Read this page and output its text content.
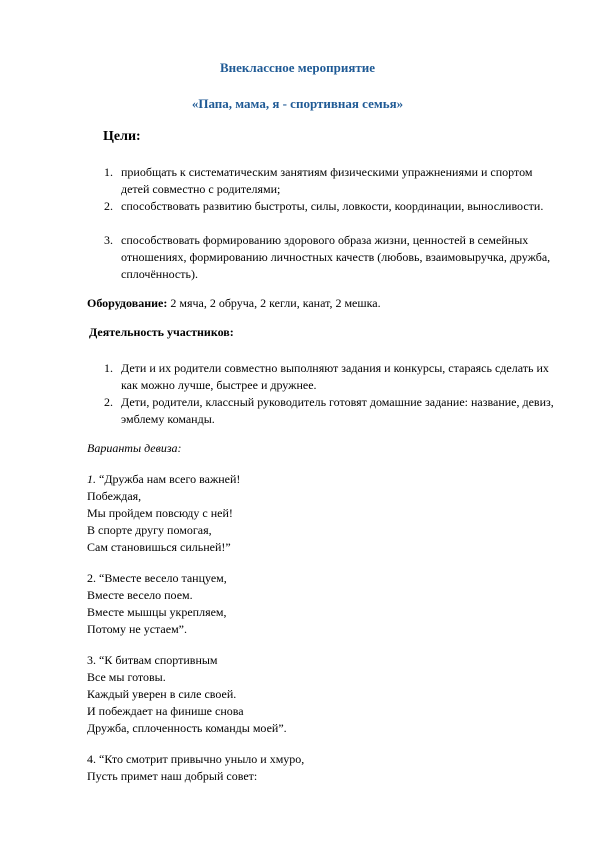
Внеклассное мероприятие
«Папа, мама, я - спортивная семья»
Цели:
1. приобщать к систематическим занятиям физическими упражнениями и спортом детей совместно с родителями;
2. способствовать развитию быстроты, силы, ловкости, координации, выносливости.
3. способствовать формированию здорового образа жизни, ценностей в семейных отношениях, формированию личностных качеств (любовь, взаимовыручка, дружба, сплочённость).
Оборудование: 2 мяча, 2 обруча, 2 кегли, канат, 2 мешка.
Деятельность участников:
1. Дети и их родители совместно выполняют задания и конкурсы, стараясь сделать их как можно лучше, быстрее и дружнее.
2. Дети, родители, классный руководитель готовят домашние задание: название, девиз, эмблему команды.
Варианты девиза:
1. “Дружба нам всего важней!
Побеждая,
Мы пройдем повсюду с ней!
В спорте другу помогая,
Сам становишься сильней!”
2. “Вместе весело танцуем,
Вместе весело поем.
Вместе мышцы укрепляем,
Потому не устаем”.
3. “К битвам спортивным
Все мы готовы.
Каждый уверен в силе своей.
И побеждает на финише снова
Дружба, сплоченность команды моей”.
4. “Кто смотрит привычно уныло и хмуро,
Пусть примет наш добрый совет:
